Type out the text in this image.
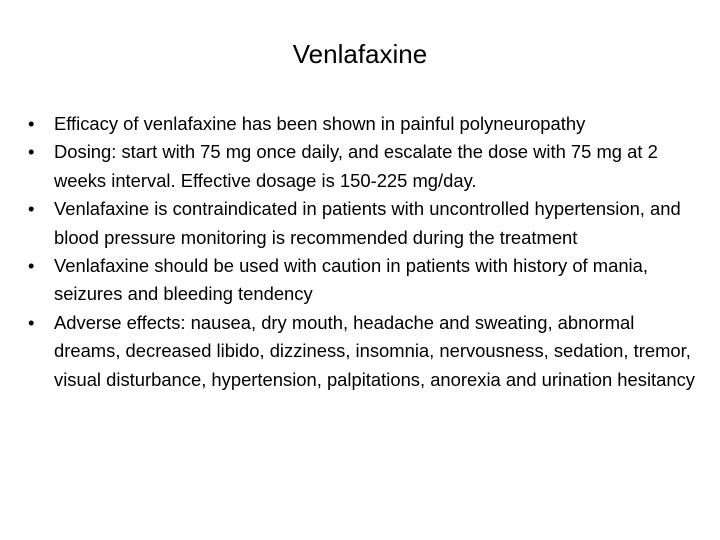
Venlafaxine
•	Efficacy of venlafaxine has been shown in painful polyneuropathy
•	Dosing: start with 75 mg once daily, and escalate the dose with 75 mg at 2 weeks interval. Effective dosage is 150-225 mg/day.
•	Venlafaxine is contraindicated in patients with uncontrolled hypertension, and blood pressure monitoring is recommended during the treatment
•	Venlafaxine should be used with caution in patients with history of mania, seizures and bleeding tendency
•	Adverse effects: nausea, dry mouth, headache and sweating, abnormal dreams, decreased libido, dizziness, insomnia, nervousness, sedation, tremor, visual disturbance, hypertension, palpitations, anorexia and urination hesitancy
